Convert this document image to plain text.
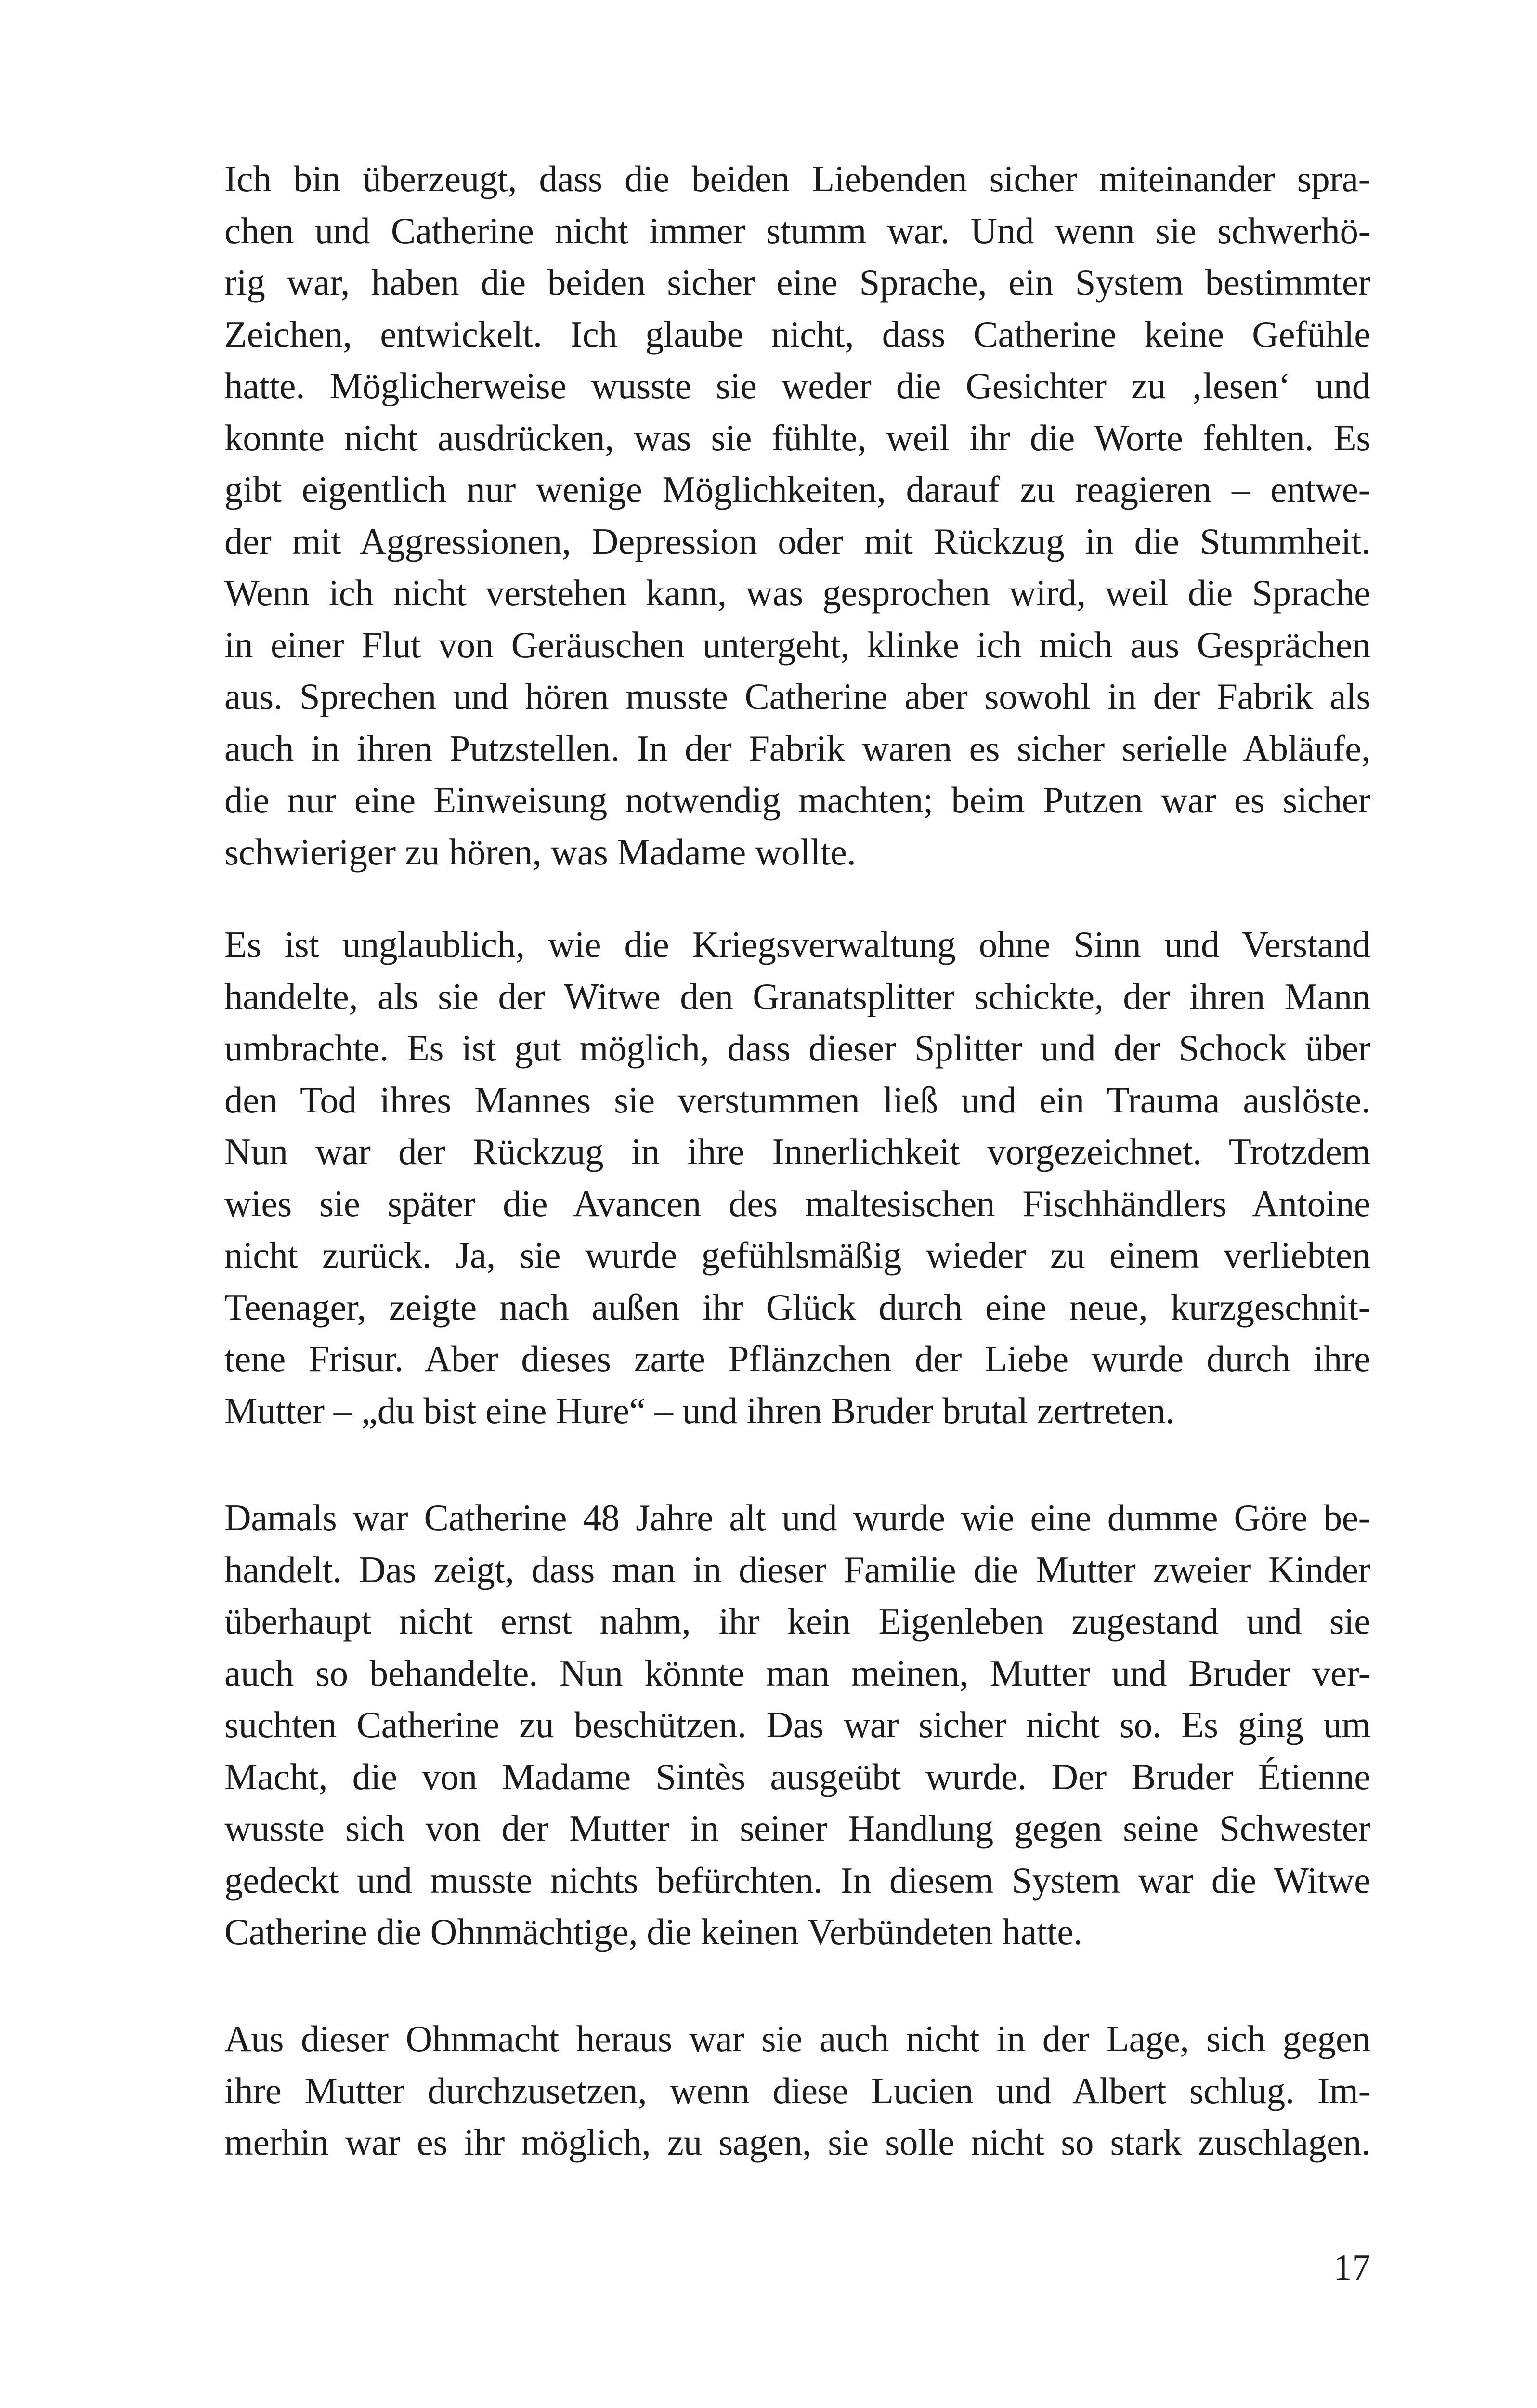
Ich bin überzeugt, dass die beiden Liebenden sicher miteinander spra-
chen und Catherine nicht immer stumm war. Und wenn sie schwerhö-
rig war, haben die beiden sicher eine Sprache, ein System bestimmter
Zeichen, entwickelt. Ich glaube nicht, dass Catherine keine Gefühle
hatte. Möglicherweise wusste sie weder die Gesichter zu ‚lesen‘ und
konnte nicht ausdrücken, was sie fühlte, weil ihr die Worte fehlten. Es
gibt eigentlich nur wenige Möglichkeiten, darauf zu reagieren – entwe-
der mit Aggressionen, Depression oder mit Rückzug in die Stummheit.
Wenn ich nicht verstehen kann, was gesprochen wird, weil die Sprache
in einer Flut von Geräuschen untergeht, klinke ich mich aus Gesprächen
aus. Sprechen und hören musste Catherine aber sowohl in der Fabrik als
auch in ihren Putzstellen. In der Fabrik waren es sicher serielle Abläufe,
die nur eine Einweisung notwendig machten; beim Putzen war es sicher
schwieriger zu hören, was Madame wollte.
Es ist unglaublich, wie die Kriegsverwaltung ohne Sinn und Verstand
handelte, als sie der Witwe den Granatsplitter schickte, der ihren Mann
umbrachte. Es ist gut möglich, dass dieser Splitter und der Schock über
den Tod ihres Mannes sie verstummen ließ und ein Trauma auslöste.
Nun war der Rückzug in ihre Innerlichkeit vorgezeichnet. Trotzdem
wies sie später die Avancen des maltesischen Fischhändlers Antoine
nicht zurück. Ja, sie wurde gefühlsmäßig wieder zu einem verliebten
Teenager, zeigte nach außen ihr Glück durch eine neue, kurzgeschnit-
tene Frisur. Aber dieses zarte Pflänzchen der Liebe wurde durch ihre
Mutter – „du bist eine Hure“ – und ihren Bruder brutal zertreten.
Damals war Catherine 48 Jahre alt und wurde wie eine dumme Göre be-
handelt. Das zeigt, dass man in dieser Familie die Mutter zweier Kinder
überhaupt nicht ernst nahm, ihr kein Eigenleben zugestand und sie
auch so behandelte. Nun könnte man meinen, Mutter und Bruder ver-
suchten Catherine zu beschützen. Das war sicher nicht so. Es ging um
Macht, die von Madame Sintès ausgeübt wurde. Der Bruder Étienne
wusste sich von der Mutter in seiner Handlung gegen seine Schwester
gedeckt und musste nichts befürchten. In diesem System war die Witwe
Catherine die Ohnmächtige, die keinen Verbündeten hatte.
Aus dieser Ohnmacht heraus war sie auch nicht in der Lage, sich gegen
ihre Mutter durchzusetzen, wenn diese Lucien und Albert schlug. Im-
merhin war es ihr möglich, zu sagen, sie solle nicht so stark zuschlagen.
17
